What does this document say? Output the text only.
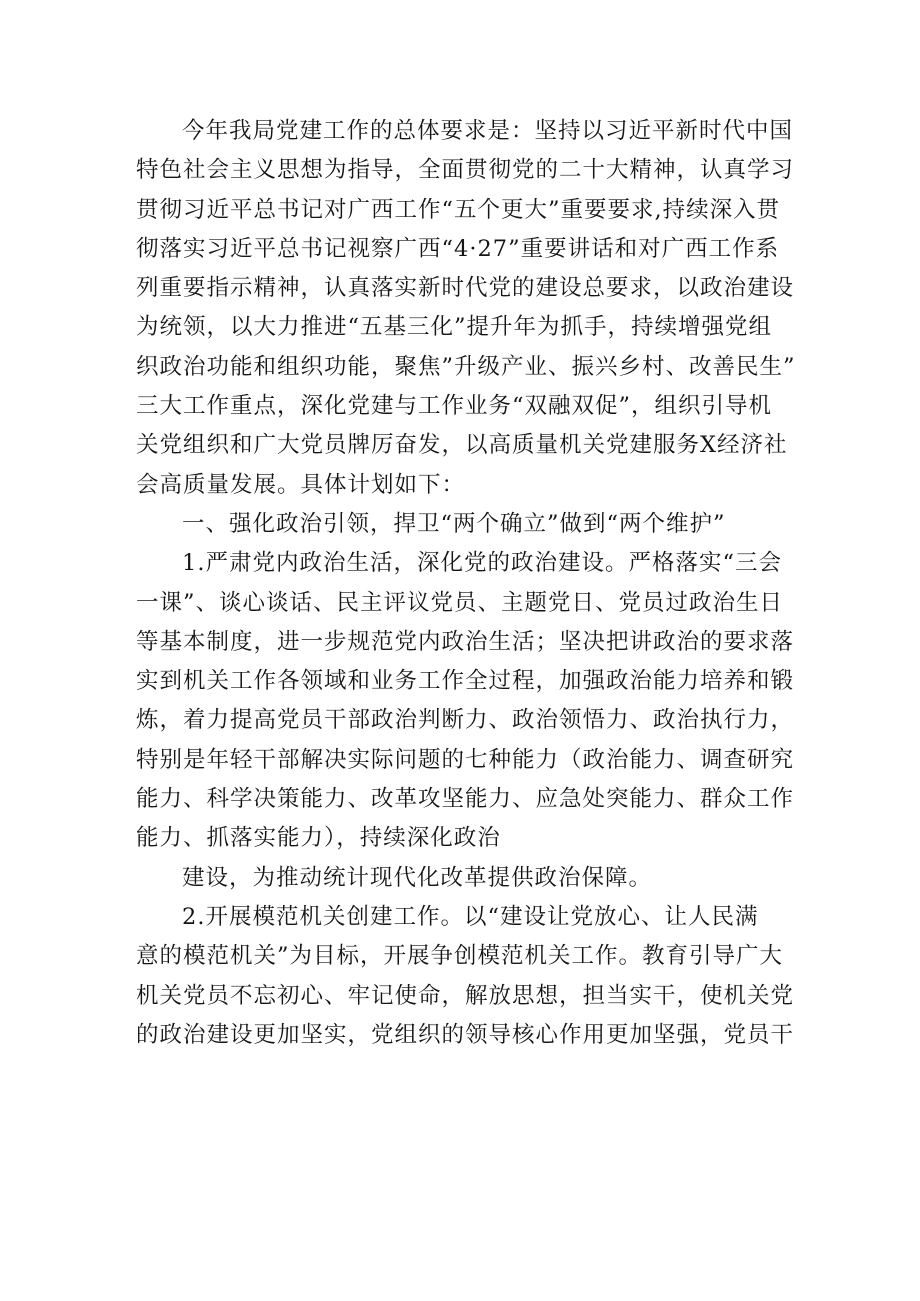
今年我局党建工作的总体要求是：坚持以习近平新时代中国
特色社会主义思想为指导，全面贯彻党的二十大精神，认真学习
贯彻习近平总书记对广西工作“五个更大”重要要求,持续深入贯
彻落实习近平总书记视察广西“4·27”重要讲话和对广西工作系
列重要指示精神，认真落实新时代党的建设总要求，以政治建设
为统领，以大力推进“五基三化”提升年为抓手，持续增强党组
织政治功能和组织功能，聚焦”升级产业、振兴乡村、改善民生”
三大工作重点，深化党建与工作业务“双融双促”，组织引导机
关党组织和广大党员牌厉奋发，以高质量机关党建服务X经济社
会高质量发展。具体计划如下：
一、强化政治引领，捍卫“两个确立”做到“两个维护”
1.严肃党内政治生活，深化党的政治建设。严格落实“三会
一课”、谈心谈话、民主评议党员、主题党日、党员过政治生日
等基本制度，进一步规范党内政治生活；坚决把讲政治的要求落
实到机关工作各领域和业务工作全过程，加强政治能力培养和锻
炼，着力提高党员干部政治判断力、政治领悟力、政治执行力，
特别是年轻干部解决实际问题的七种能力（政治能力、调查研究
能力、科学决策能力、改革攻坚能力、应急处突能力、群众工作
能力、抓落实能力），持续深化政治
建设，为推动统计现代化改革提供政治保障。
2.开展模范机关创建工作。以“建设让党放心、让人民满
意的模范机关”为目标，开展争创模范机关工作。教育引导广大
机关党员不忘初心、牢记使命，解放思想，担当实干，使机关党
的政治建设更加坚实，党组织的领导核心作用更加坚强，党员干
